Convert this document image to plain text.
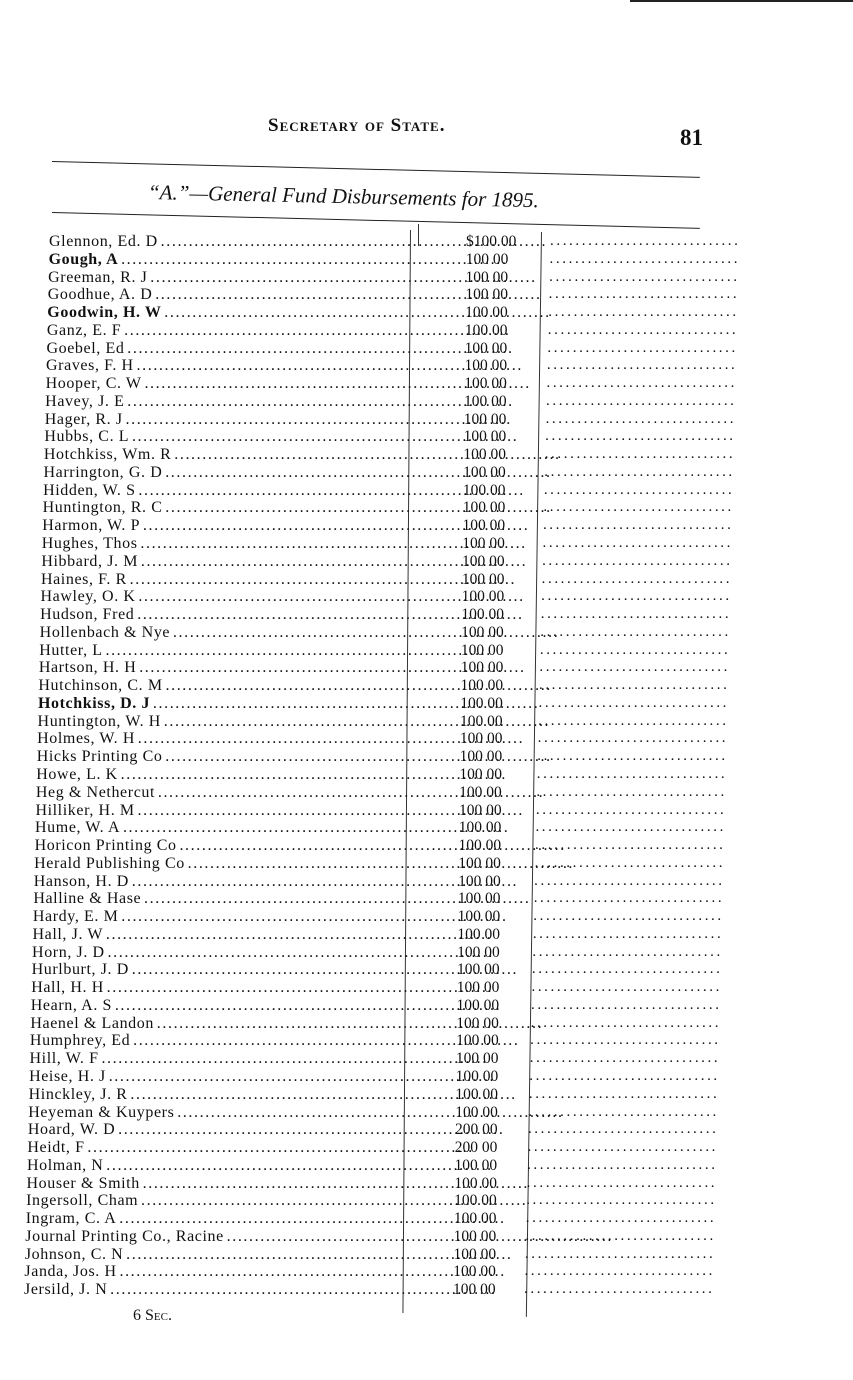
Secretary of State.	81
“A.”—General Fund Disbursements for 1895.
Glennon, Ed. D . . .	$100 00 ..............................
Gough, A . . .	100 00	..............................
Greeman, R. J . . .	100 00	..............................
Goodhue, A. D . . .	100 00	..............................
Goodwin, H. W . . .	100 00	..............................
Ganz, E. F . . .	100 00	..............................
Goebel, Ed . . .	100 00	..............................
Graves, F. H . . .	100 00	..............................
Hooper, C. W . . .	100 00	..............................
Havey, J. E . . .	100 00	..............................
Hager, R. J . . .	100 00	..............................
Hubbs, C. L . . .	100 00	..............................
Hotchkiss, Wm. R . . .	100 00	..............................
Harrington, G. D . . .	100 00	..............................
Hidden, W. S . . .	100 00	..............................
Huntington, R. C . . .	100 00	..............................
Harmon, W. P . . .	100 00	..............................
Hughes, Thos . . .	100 00	..............................
Hibbard, J. M . . .	100 00 ..............................
Haines, F. R . . .	100 00 ..............................
Hawley, O. K . . .	100 00 ..............................
Hudson, Fred . . .	100 00 ..............................
Hollenbach & Nye . . .	100 00 ..............................
Hutter, L . . .	100 00 ..............................
Hartson, H. H . . .	100 00 ..............................
Hutchinson, C. M . . .	100 00 ..............................
Hotchkiss, D. J . . .	100 00 ..............................
Huntington, W. H . . .	100 00 ..............................
Holmes, W. H . . .	100 00 ..............................
Hicks Printing Co . . .	100 00 ..............................
Howe, L. K . . .	100 00 ..............................
Heg & Nethercut . . .	100 00 ..............................
Hilliker, H. M . . .	100 00 ..............................
Hume, W. A . . .	100 00 ..............................
Horicon Printing Co . . .	100 00 ..............................
Herald Publishing Co . . .	100 00 ..............................
Hanson, H. D . . .	100 00 ..............................
Halline & Hase . . .	100 00 ..............................
Hardy, E. M . . .	100 00 ..............................
Hall, J. W . . .	100 00 ..............................
Horn, J. D . . .	100 00 ..............................
Hurlburt, J. D . . .	100 00 ..............................
Hall, H. H . . .	100 00 ..............................
Hearn, A. S . . .	100 00 ..............................
Haenel & Landon . . .	100 00 ..............................
Humphrey, Ed . . .	100 00 ..............................
Hill, W. F . . .	100 00 ..............................
Heise, H. J . . .	100 00 ..............................
Hinckley, J. R . . .	100 00 ..............................
Heyeman & Kuypers . . .	100 00 ..............................
Hoard, W. D . . .	200 00 ..............................
Heidt, F . . .	200 00 ..............................
Holman, N . . .	100 00 ..............................
Houser & Smith . . .	100 00 ..............................
Ingersoll, Cham . . .	100 00 ..............................
Ingram, C. A . . .	100 00 ..............................
Journal Printing Co., Racine . . .	100 00 ..............................
Johnson, C. N . . .	100 00 ..............................
Janda, Jos. H . . .	100 00 ..............................
Jersild, J. N . . .	100 00 ..............................
6 Sec.
